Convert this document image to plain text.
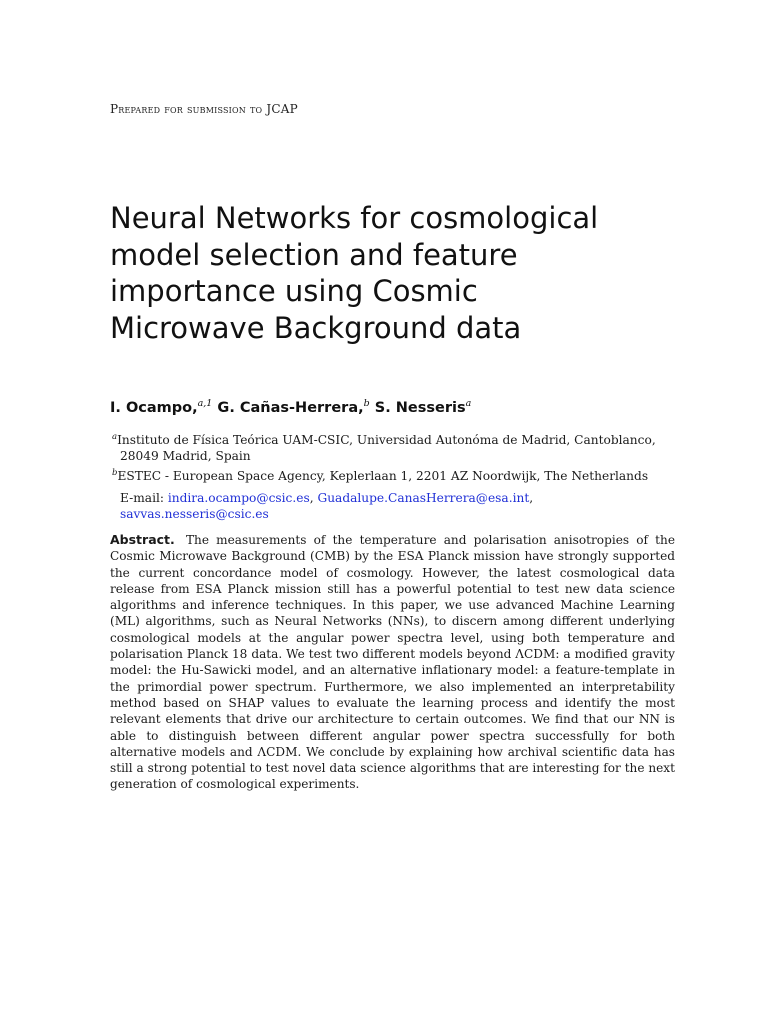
Prepared for submission to JCAP
Neural Networks for cosmological
model selection and feature
importance using Cosmic
Microwave Background data
I. Ocampo,$^{a,1}$ G. Cañas-Herrera,$^b$ S. Nesseris$^a$
$^a$Instituto de Física Teórica UAM-CSIC, Universidad Autonóma de Madrid, Cantoblanco,
28049 Madrid, Spain
$^b$ESTEC - European Space Agency, Keplerlaan 1, 2201 AZ Noordwijk, The Netherlands
E-mail: indira.ocampo@csic.es, Guadalupe.CanasHerrera@esa.int,
savvas.nesseris@csic.es

Abstract. The measurements of the temperature and polarisation anisotropies of the Cosmic Microwave Background (CMB) by the ESA Planck mission have strongly supported the current concordance model of cosmology. However, the latest cosmological data release from ESA Planck mission still has a powerful potential to test new data science algorithms and inference techniques. In this paper, we use advanced Machine Learning (ML) algorithms, such as Neural Networks (NNs), to discern among different underlying cosmological models at the angular power spectra level, using both temperature and polarisation Planck 18 data. We test two different models beyond ΛCDM: a modified gravity model: the Hu-Sawicki model, and an alternative inflationary model: a feature-template in the primordial power spectrum. Furthermore, we also implemented an interpretability method based on SHAP values to evaluate the learning process and identify the most relevant elements that drive our architecture to certain outcomes. We find that our NN is able to distinguish between different angular power spectra successfully for both alternative models and ΛCDM. We conclude by explaining how archival scientific data has still a strong potential to test novel data science algorithms that are interesting for the next generation of cosmological experiments.
